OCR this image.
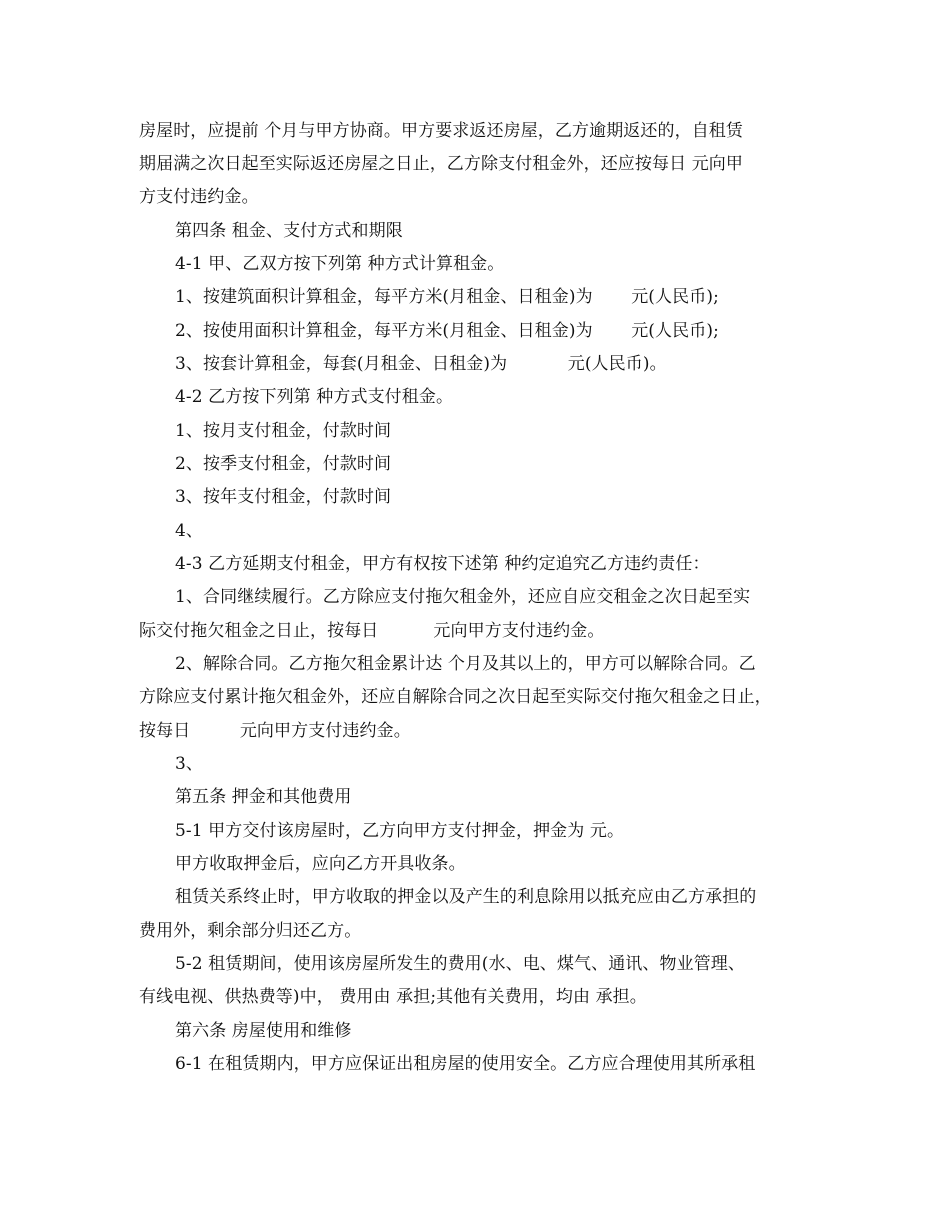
房屋时，应提前 个月与甲方协商。甲方要求返还房屋，乙方逾期返还的，自租赁
期届满之次日起至实际返还房屋之日止，乙方除支付租金外，还应按每日 元向甲
方支付违约金。
第四条 租金、支付方式和期限
4-1 甲、乙双方按下列第 种方式计算租金。
1、按建筑面积计算租金，每平方米(月租金、日租金)为       元(人民币);
2、按使用面积计算租金，每平方米(月租金、日租金)为       元(人民币);
3、按套计算租金，每套(月租金、日租金)为           元(人民币)。
4-2 乙方按下列第 种方式支付租金。
1、按月支付租金，付款时间
2、按季支付租金，付款时间
3、按年支付租金，付款时间
4、
4-3 乙方延期支付租金，甲方有权按下述第 种约定追究乙方违约责任：
1、合同继续履行。乙方除应支付拖欠租金外，还应自应交租金之次日起至实
际交付拖欠租金之日止，按每日          元向甲方支付违约金。
2、解除合同。乙方拖欠租金累计达 个月及其以上的，甲方可以解除合同。乙
方除应支付累计拖欠租金外，还应自解除合同之次日起至实际交付拖欠租金之日止，
按每日         元向甲方支付违约金。
3、
第五条 押金和其他费用
5-1 甲方交付该房屋时，乙方向甲方支付押金，押金为 元。
甲方收取押金后，应向乙方开具收条。
租赁关系终止时，甲方收取的押金以及产生的利息除用以抵充应由乙方承担的
费用外，剩余部分归还乙方。
5-2 租赁期间，使用该房屋所发生的费用(水、电、煤气、通讯、物业管理、
有线电视、供热费等)中， 费用由 承担;其他有关费用，均由 承担。
第六条 房屋使用和维修
6-1 在租赁期内，甲方应保证出租房屋的使用安全。乙方应合理使用其所承租
